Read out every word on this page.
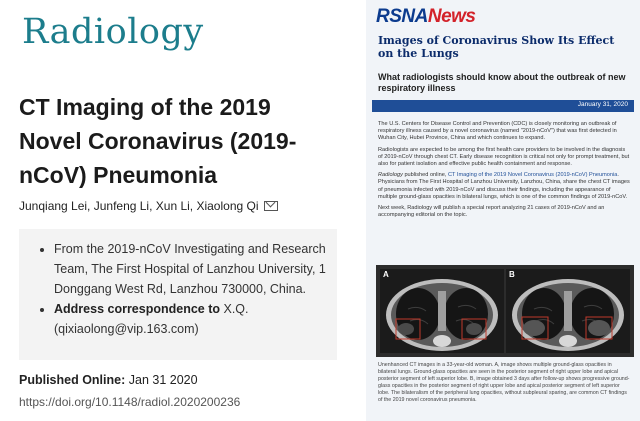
Radiology
CT Imaging of the 2019 Novel Coronavirus (2019-nCoV) Pneumonia
Junqiang Lei, Junfeng Li, Xun Li, Xiaolong Qi
• From the 2019-nCoV Investigating and Research Team, The First Hospital of Lanzhou University, 1 Donggang West Rd, Lanzhou 730000, China.
• Address correspondence to X.Q.
(qixiaolong@vip.163.com)
Published Online: Jan 31 2020
https://doi.org/10.1148/radiol.2020200236
RSNANews
Images of Coronavirus Show Its Effect on the Lungs
What radiologists should know about the outbreak of new respiratory illness
January 31, 2020

The U.S. Centers for Disease Control and Prevention (CDC) is closely monitoring an outbreak of respiratory illness caused by a novel coronavirus (named "2019-nCoV") that was first detected in Wuhan City, Hubei Province, China and which continues to expand.

Radiologists are expected to be among the first health care providers to be involved in the diagnosis of 2019-nCoV through chest CT. Early disease recognition is critical not only for prompt treatment, but also for patient isolation and effective public health containment and response.

Radiology published online, CT Imaging of the 2019 Novel Coronavirus (2019-nCoV) Pneumonia. Physicians from The First Hospital of Lanzhou University, Lanzhou, China, share the chest CT images of pneumonia infected with 2019-nCoV and discuss their findings, including the appearance of multiple ground-glass opacities in bilateral lungs, which is one of the common findings of 2019-nCoV.

Next week, Radiology will publish a special report analyzing 21 cases of 2019-nCoV and an accompanying editorial on the topic.

A	B
Unenhanced CT images in a 33-year-old woman. A, image shows multiple ground-glass opacities in bilateral lungs. Ground-glass opacities are seen in the posterior segment of right upper lobe and apical posterior segment of left superior lobe. B, image obtained 3 days after follow-up shows progressive ground-glass opacities in the posterior segment of right upper lobe and apical posterior segment of left superior lobe. The bilateralism of the peripheral lung opacities, without subpleural sparing, are common CT findings of the 2019 novel coronavirus pneumonia.
